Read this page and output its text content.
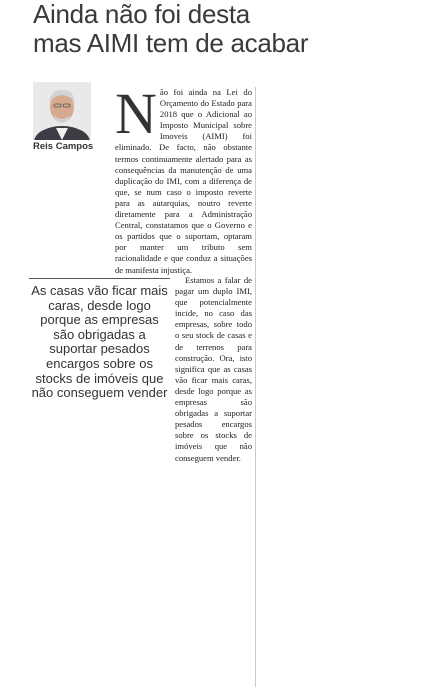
Ainda não foi desta
mas AIMI tem de acabar
Reis Campos

Não foi ainda na Lei do Orçamento do Estado para 2018 que o Adicional ao Imposto Municipal sobre Imoveis (AIMI) foi eliminado. De facto, não obstante termos continuamente alertado para as consequências da manutenção de uma duplicação do IMI, com a diferença de que, se num caso o imposto reverte para as autarquias, noutro reverte diretamente para a Administração Central, constatamos que o Governo e os partidos que o suportam, optaram por manter um tributo sem racionalidade e que conduz a situações de manifesta injustiça.

As casas vão ficar mais caras, desde logo porque as empresas são obrigadas a suportar pesados encargos sobre os stocks de imóveis que não conseguem vender

Estamos a falar de pagar um duplo IMI, que potencialmente incide, no caso das empresas, sobre todo o seu stock de casas e de terrenos para construção. Ora, isto significa que as casas vão ficar mais caras, desde logo porque as empresas são obrigadas a suportar pesados encargos sobre os stocks de imóveis que não conseguem vender.
